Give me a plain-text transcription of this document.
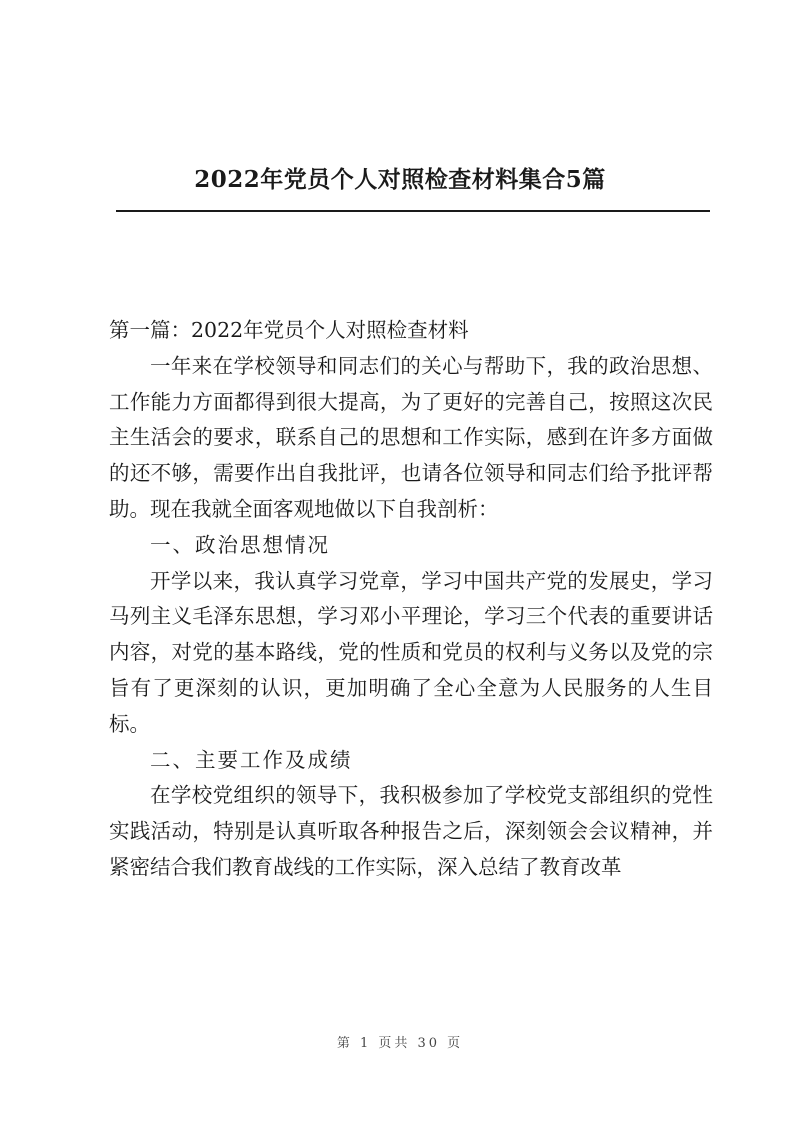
2022年党员个人对照检查材料集合5篇

第一篇：2022年党员个人对照检查材料

一年来在学校领导和同志们的关心与帮助下，我的政治思想、工作能力方面都得到很大提高，为了更好的完善自己，按照这次民主生活会的要求，联系自己的思想和工作实际，感到在许多方面做的还不够，需要作出自我批评，也请各位领导和同志们给予批评帮助。现在我就全面客观地做以下自我剖析：

一、政治思想情况

开学以来，我认真学习党章，学习中国共产党的发展史，学习马列主义毛泽东思想，学习邓小平理论，学习三个代表的重要讲话内容，对党的基本路线，党的性质和党员的权利与义务以及党的宗旨有了更深刻的认识，更加明确了全心全意为人民服务的人生目标。

二、主要工作及成绩

在学校党组织的领导下，我积极参加了学校党支部组织的党性实践活动，特别是认真听取各种报告之后，深刻领会会议精神，并紧密结合我们教育战线的工作实际，深入总结了教育改革

第 1 页共 30 页
